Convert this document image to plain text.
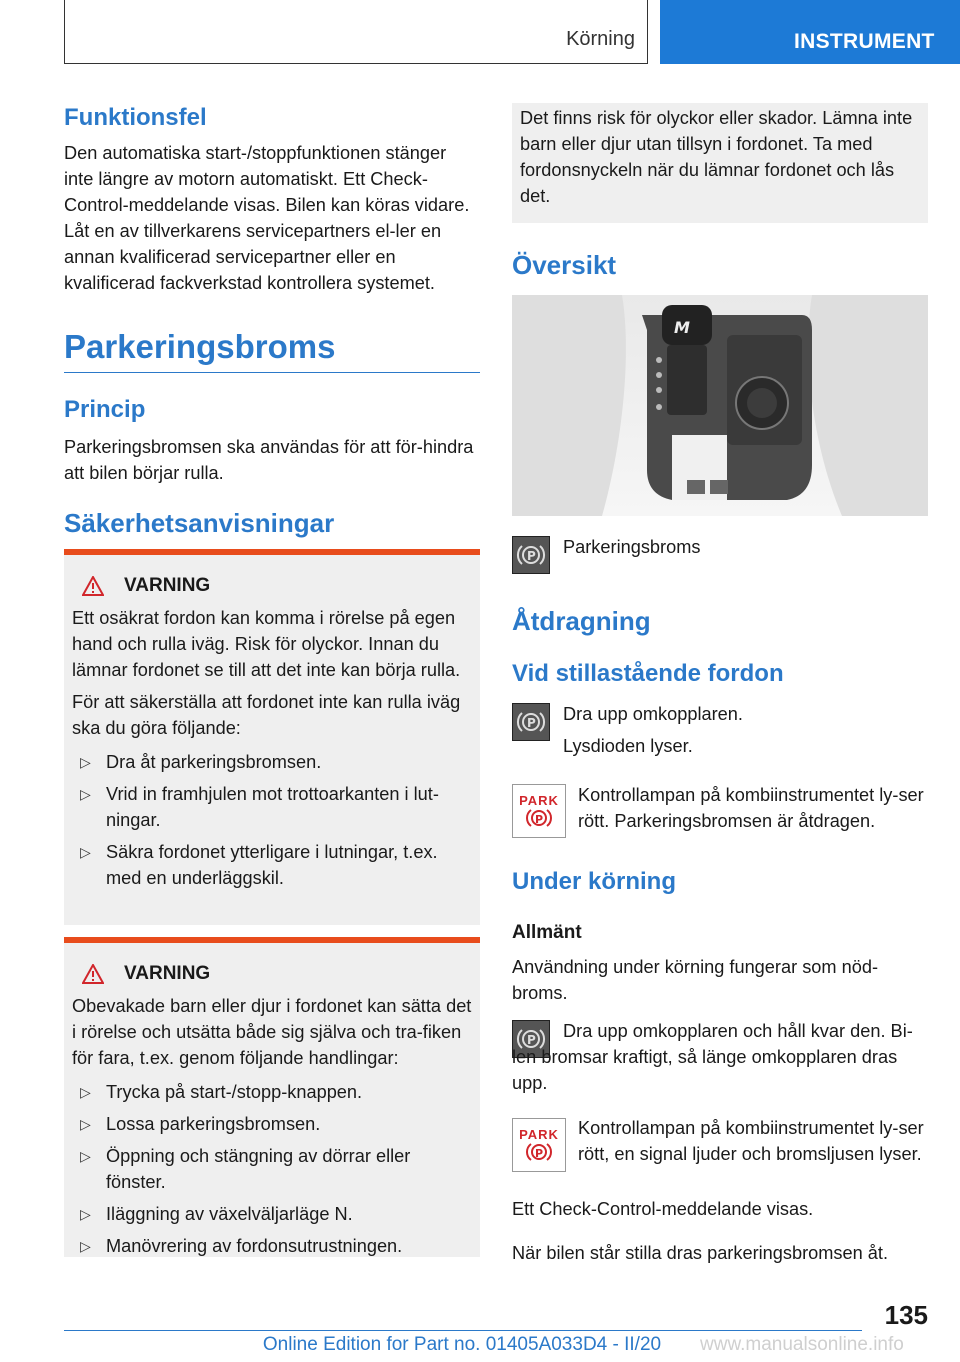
Körning	INSTRUMENT
Funktionsfel
Den automatiska start-/stoppfunktionen stänger inte längre av motorn automatiskt. Ett Check-Control-meddelande visas. Bilen kan köras vidare. Låt en av tillverkarens servicepartners el-ler en annan kvalificerad servicepartner eller en kvalificerad fackverkstad kontrollera systemet.
Parkeringsbroms
Princip
Parkeringsbromsen ska användas för att för-hindra att bilen börjar rulla.
Säkerhetsanvisningar
VARNING
Ett osäkrat fordon kan komma i rörelse på egen hand och rulla iväg. Risk för olyckor. Innan du lämnar fordonet se till att det inte kan börja rulla.
För att säkerställa att fordonet inte kan rulla iväg ska du göra följande:
▷ Dra åt parkeringsbromsen.
▷ Vrid in framhjulen mot trottoarkanten i lut-ningar.
▷ Säkra fordonet ytterligare i lutningar, t.ex. med en underläggskil.
VARNING
Obevakade barn eller djur i fordonet kan sätta det i rörelse och utsätta både sig själva och tra-fiken för fara, t.ex. genom följande handlingar:
▷ Trycka på start-/stopp-knappen.
▷ Lossa parkeringsbromsen.
▷ Öppning och stängning av dörrar eller fönster.
▷ Iläggning av växelväljarläge N.
▷ Manövrering av fordonsutrustningen.
Det finns risk för olyckor eller skador. Lämna inte barn eller djur utan tillsyn i fordonet. Ta med fordonsnyckeln när du lämnar fordonet och lås det.
Översikt
M
P Parkeringsbroms
Åtdragning
Vid stillastående fordon
P Dra upp omkopplaren.
Lysdioden lyser.
PARK
P
Kontrollampan på kombiinstrumentet ly-ser rött. Parkeringsbromsen är åtdragen.
Under körning
Allmänt
Användning under körning fungerar som nöd-broms.
P	Dra upp omkopplaren och håll kvar den. Bi-len bromsar kraftigt, så länge omkopplaren dras upp.
PARK
P
Kontrollampan på kombiinstrumentet ly-ser rött, en signal ljuder och bromsljusen lyser.
Ett Check-Control-meddelande visas.
När bilen står stilla dras parkeringsbromsen åt.
135
Online Edition for Part no. 01405A033D4 - II/20	www.manualsonline.info
